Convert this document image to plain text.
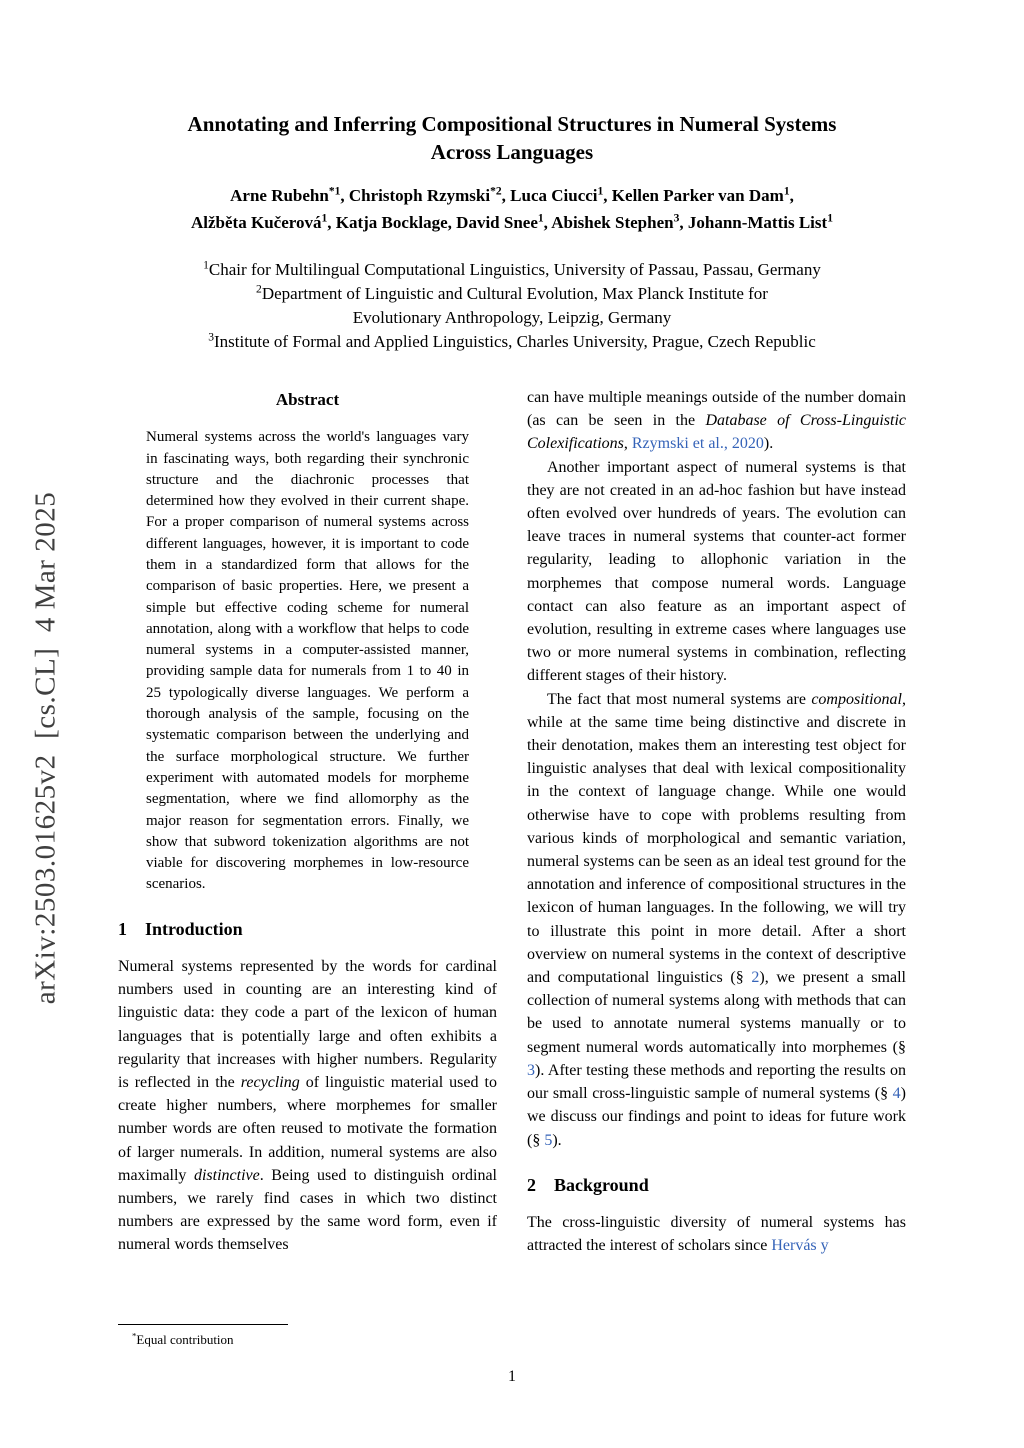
arXiv:2503.01625v2  [cs.CL]  4 Mar 2025
Annotating and Inferring Compositional Structures in Numeral Systems
Across Languages
Arne Rubehn$^{*1}$, Christoph Rzymski$^{*2}$, Luca Ciucci$^1$, Kellen Parker van Dam$^1$,
Alžběta Kučerová$^1$, Katja Bocklage, David Snee$^1$, Abishek Stephen$^3$, Johann-Mattis List$^1$
$^1$Chair for Multilingual Computational Linguistics, University of Passau, Passau, Germany
$^2$Department of Linguistic and Cultural Evolution, Max Planck Institute for
Evolutionary Anthropology, Leipzig, Germany
$^3$Institute of Formal and Applied Linguistics, Charles University, Prague, Czech Republic
Abstract

Numeral systems across the world's languages vary in fascinating ways, both regarding their synchronic structure and the diachronic processes that determined how they evolved in their current shape. For a proper comparison of numeral systems across different languages, however, it is important to code them in a standardized form that allows for the comparison of basic properties. Here, we present a simple but effective coding scheme for numeral annotation, along with a workflow that helps to code numeral systems in a computer-assisted manner, providing sample data for numerals from 1 to 40 in 25 typologically diverse languages. We perform a thorough analysis of the sample, focusing on the systematic comparison between the underlying and the surface morphological structure. We further experiment with automated models for morpheme segmentation, where we find allomorphy as the major reason for segmentation errors. Finally, we show that subword tokenization algorithms are not viable for discovering morphemes in low-resource scenarios.

1 Introduction

Numeral systems represented by the words for cardinal numbers used in counting are an interesting kind of linguistic data: they code a part of the lexicon of human languages that is potentially large and often exhibits a regularity that increases with higher numbers. Regularity is reflected in the recycling of linguistic material used to create higher numbers, where morphemes for smaller number words are often reused to motivate the formation of larger numerals. In addition, numeral systems are also maximally distinctive. Being used to distinguish ordinal numbers, we rarely find cases in which two distinct numbers are expressed by the same word form, even if numeral words themselves

*Equal contribution

can have multiple meanings outside of the number domain (as can be seen in the Database of Cross-Linguistic Colexifications, Rzymski et al., 2020).

Another important aspect of numeral systems is that they are not created in an ad-hoc fashion but have instead often evolved over hundreds of years. The evolution can leave traces in numeral systems that counter-act former regularity, leading to allophonic variation in the morphemes that compose numeral words. Language contact can also feature as an important aspect of evolution, resulting in extreme cases where languages use two or more numeral systems in combination, reflecting different stages of their history.

The fact that most numeral systems are compositional, while at the same time being distinctive and discrete in their denotation, makes them an interesting test object for linguistic analyses that deal with lexical compositionality in the context of language change. While one would otherwise have to cope with problems resulting from various kinds of morphological and semantic variation, numeral systems can be seen as an ideal test ground for the annotation and inference of compositional structures in the lexicon of human languages. In the following, we will try to illustrate this point in more detail. After a short overview on numeral systems in the context of descriptive and computational linguistics (§ 2), we present a small collection of numeral systems along with methods that can be used to annotate numeral systems manually or to segment numeral words automatically into morphemes (§ 3). After testing these methods and reporting the results on our small cross-linguistic sample of numeral systems (§ 4) we discuss our findings and point to ideas for future work (§ 5).

2 Background

The cross-linguistic diversity of numeral systems has attracted the interest of scholars since Hervás y

1
